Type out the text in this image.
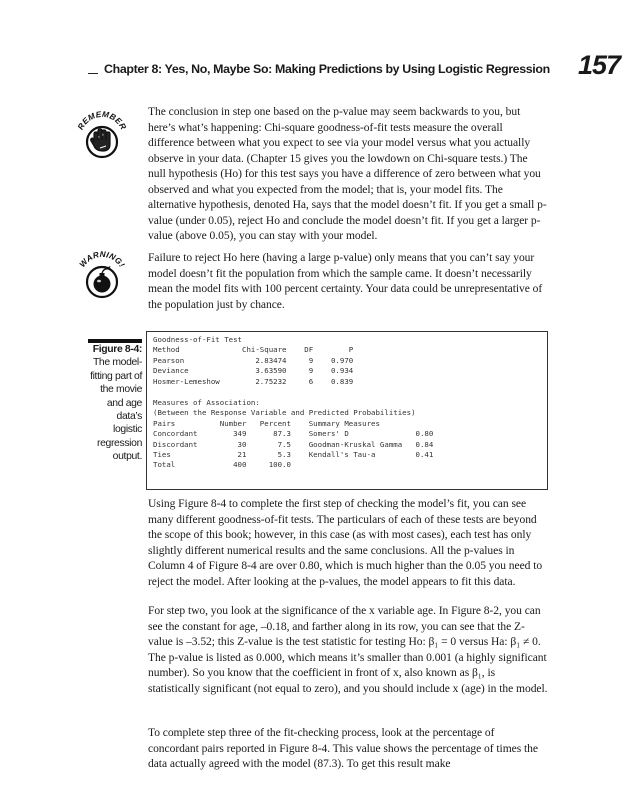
Chapter 8: Yes, No, Maybe So: Making Predictions by Using Logistic Regression 157
REMEMBER

The conclusion in step one based on the p-value may seem backwards to you, but here’s what’s happening: Chi-square goodness-of-fit tests measure the overall difference between what you expect to see via your model versus what you actually observe in your data. (Chapter 15 gives you the lowdown on Chi-square tests.) The null hypothesis (Ho) for this test says you have a difference of zero between what you observed and what you expected from the model; that is, your model fits. The alternative hypothesis, denoted Ha, says that the model doesn’t fit. If you get a small p-value (under 0.05), reject Ho and conclude the model doesn’t fit. If you get a larger p-value (above 0.05), you can stay with your model.

WARNING!

Failure to reject Ho here (having a large p-value) only means that you can’t say your model doesn’t fit the population from which the sample came. It doesn’t necessarily mean the model fits with 100 percent certainty. Your data could be unrepresentative of the population just by chance.

Figure 8-4:
The model-fitting part of the movie and age data’s logistic regression output.
Goodness-of-Fit Test
Method              Chi-Square    DF        P
Pearson                2.83474     9    0.970
Deviance               3.63590     9    0.934
Hosmer-Lemeshow        2.75232     6    0.839

Measures of Association:
(Between the Response Variable and Predicted Probabilities)
Pairs          Number   Percent    Summary Measures
Concordant        349      87.3    Somers' D               0.80
Discordant         30       7.5    Goodman-Kruskal Gamma   0.84
Ties               21       5.3    Kendall's Tau-a         0.41
Total             400     100.0

Using Figure 8-4 to complete the first step of checking the model’s fit, you can see many different goodness-of-fit tests. The particulars of each of these tests are beyond the scope of this book; however, in this case (as with most cases), each test has only slightly different numerical results and the same conclusions. All the p-values in Column 4 of Figure 8-4 are over 0.80, which is much higher than the 0.05 you need to reject the model. After looking at the p-values, the model appears to fit this data.

For step two, you look at the significance of the x variable age. In Figure 8-2, you can see the constant for age, –0.18, and farther along in its row, you can see that the Z-value is –3.52; this Z-value is the test statistic for testing Ho: β₁ = 0 versus Ha: β₁ ≠ 0. The p-value is listed as 0.000, which means it’s smaller than 0.001 (a highly significant number). So you know that the coefficient in front of x, also known as β₁, is statistically significant (not equal to zero), and you should include x (age) in the model.

To complete step three of the fit-checking process, look at the percentage of concordant pairs reported in Figure 8-4. This value shows the percentage of times the data actually agreed with the model (87.3). To get this result make
